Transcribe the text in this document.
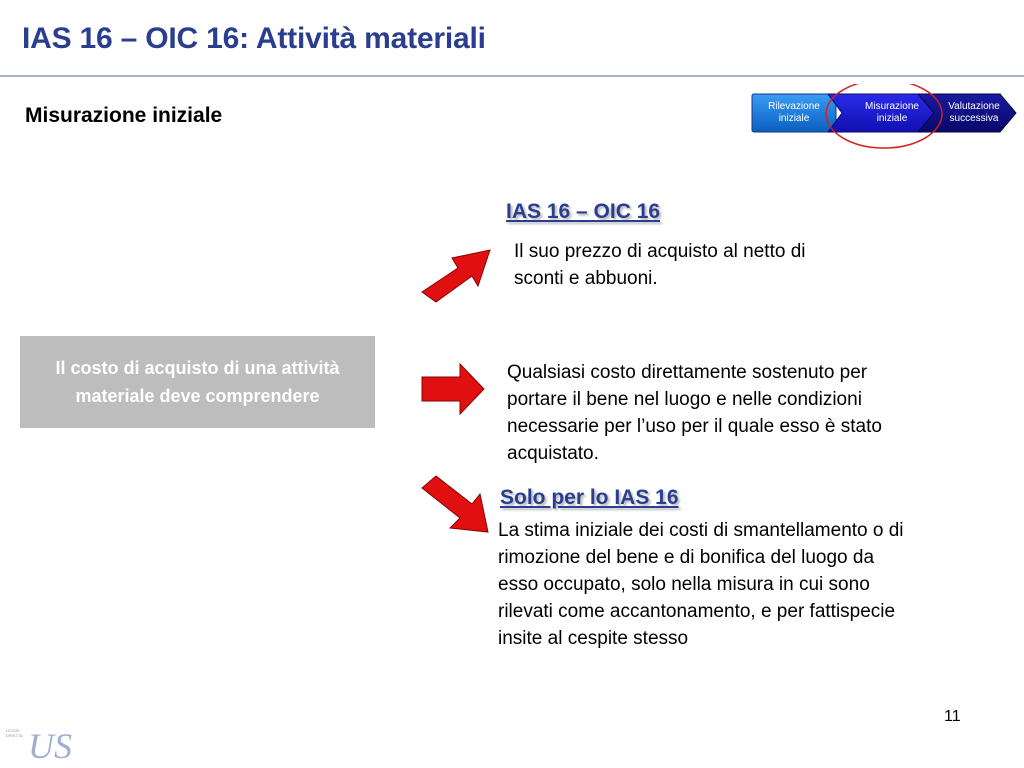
IAS 16 – OIC 16: Attività materiali
Misurazione iniziale	Rilevazione
iniziale
Misurazione
iniziale
Valutazione
successiva
Il costo di acquisto di una attività materiale deve comprendere
IAS 16 – OIC 16
Il suo prezzo di acquisto al netto di
sconti e abbuoni.
Qualsiasi costo direttamente sostenuto per
portare il bene nel luogo e nelle condizioni
necessarie per l’uso per il quale esso è stato
acquistato.
Solo per lo IAS 16
La stima iniziale dei costi di smantellamento o di
rimozione del bene e di bonifica del luogo da
esso occupato, solo nella misura in cui sono
rilevati come accantonamento, e per fattispecie
insite al cespite stesso
11
LEGGE
DIRETTA US
